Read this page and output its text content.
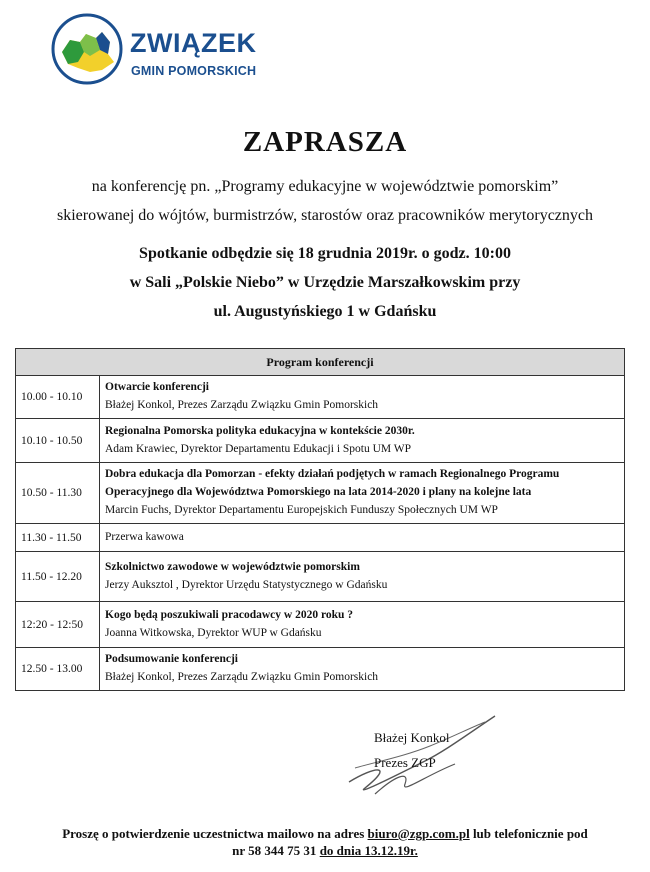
ZWIĄZEK
GMIN POMORSKICH
ZAPRASZA
na konferencję pn. „Programy edukacyjne w województwie pomorskim”
skierowanej do wójtów, burmistrzów, starostów oraz pracowników merytorycznych
Spotkanie odbędzie się 18 grudnia 2019r. o godz. 10:00
w Sali „Polskie Niebo” w Urzędzie Marszałkowskim przy
ul. Augustyńskiego 1 w Gdańsku
Program konferencji	
10.00 - 10.10	Otwarcie konferencji
Błażej Konkol, Prezes Zarządu Związku Gmin Pomorskich

10.10 - 10.50	Regionalna Pomorska polityka edukacyjna w kontekście 2030r.
Adam Krawiec, Dyrektor Departamentu Edukacji i Spotu UM WP

10.50 - 11.30	Dobra edukacja dla Pomorzan - efekty działań podjętych w ramach Regionalnego Programu Operacyjnego dla Województwa Pomorskiego na lata 2014-2020 i plany na kolejne lata
Marcin Fuchs, Dyrektor Departamentu Europejskich Funduszy Społecznych UM WP

11.30 - 11.50	Przerwa kawowa

11.50 - 12.20	Szkolnictwo zawodowe w województwie pomorskim
Jerzy Auksztol , Dyrektor Urzędu Statystycznego w Gdańsku

12:20 - 12:50	Kogo będą poszukiwali pracodawcy w 2020 roku ?
Joanna Witkowska, Dyrektor WUP w Gdańsku

12.50 - 13.00	Podsumowanie konferencji
Błażej Konkol, Prezes Zarządu Związku Gmin Pomorskich
Błażej Konkol
Prezes ZGP
Proszę o potwierdzenie uczestnictwa mailowo na adres biuro@zgp.com.pl lub telefonicznie pod
nr 58 344 75 31 do dnia 13.12.19r.
